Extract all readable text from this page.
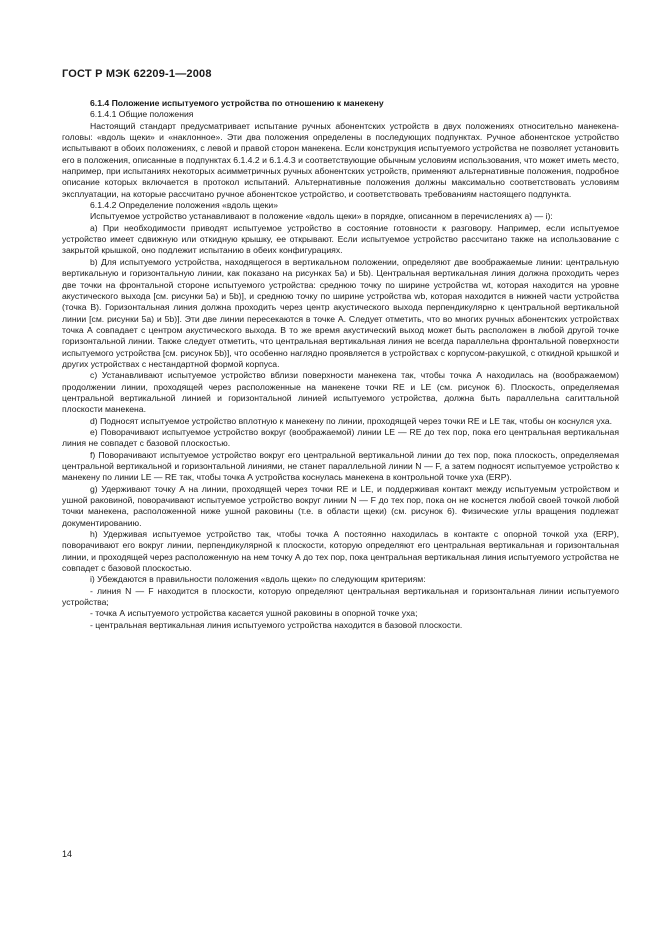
ГОСТ Р МЭК 62209-1—2008

6.1.4 Положение испытуемого устройства по отношению к манекену

6.1.4.1 Общие положения

Настоящий стандарт предусматривает испытание ручных абонентских устройств в двух положениях относительно манекена-головы: «вдоль щеки» и «наклонное». Эти два положения определены в последующих подпунктах. Ручное абонентское устройство испытывают в обоих положениях, с левой и правой сторон манекена. Если конструкция испытуемого устройства не позволяет установить его в положения, описанные в подпунктах 6.1.4.2 и 6.1.4.3 и соответствующие обычным условиям использования, что может иметь место, например, при испытаниях некоторых асимметричных ручных абонентских устройств, применяют альтернативные положения, подробное описание которых включается в протокол испытаний. Альтернативные положения должны максимально соответствовать условиям эксплуатации, на которые рассчитано ручное абонентское устройство, и соответствовать требованиям настоящего подпункта.

6.1.4.2 Определение положения «вдоль щеки»

Испытуемое устройство устанавливают в положение «вдоль щеки» в порядке, описанном в перечислениях а) — i):

а) При необходимости приводят испытуемое устройство в состояние готовности к разговору. Например, если испытуемое устройство имеет сдвижную или откидную крышку, ее открывают. Если испытуемое устройство рассчитано также на использование с закрытой крышкой, оно подлежит испытанию в обеих конфигурациях.

b) Для испытуемого устройства, находящегося в вертикальном положении, определяют две воображаемые линии: центральную вертикальную и горизонтальную линии, как показано на рисунках 5а) и 5b). Центральная вертикальная линия должна проходить через две точки на фронтальной стороне испытуемого устройства: среднюю точку по ширине устройства wt, которая находится на уровне акустического выхода [см. рисунки 5а) и 5b)], и среднюю точку по ширине устройства wb, которая находится в нижней части устройства (точка В). Горизонтальная линия должна проходить через центр акустического выхода перпендикулярно к центральной вертикальной линии [см. рисунки 5а) и 5b)]. Эти две линии пересекаются в точке А. Следует отметить, что во многих ручных абонентских устройствах точка А совпадает с центром акустического выхода. В то же время акустический выход может быть расположен в любой другой точке горизонтальной линии. Также следует отметить, что центральная вертикальная линия не всегда параллельна фронтальной поверхности испытуемого устройства [см. рисунок 5b)], что особенно наглядно проявляется в устройствах с корпусом-ракушкой, с откидной крышкой и других устройствах с нестандартной формой корпуса.

с) Устанавливают испытуемое устройство вблизи поверхности манекена так, чтобы точка А находилась на (воображаемом) продолжении линии, проходящей через расположенные на манекене точки RE и LE (см. рисунок 6). Плоскость, определяемая центральной вертикальной линией и горизонтальной линией испытуемого устройства, должна быть параллельна сагиттальной плоскости манекена.

d) Подносят испытуемое устройство вплотную к манекену по линии, проходящей через точки RE и LE так, чтобы он коснулся уха.

е) Поворачивают испытуемое устройство вокруг (воображаемой) линии LE — RE до тех пор, пока его центральная вертикальная линия не совпадет с базовой плоскостью.

f) Поворачивают испытуемое устройство вокруг его центральной вертикальной линии до тех пор, пока плоскость, определяемая центральной вертикальной и горизонтальной линиями, не станет параллельной линии N — F, а затем подносят испытуемое устройство к манекену по линии LE — RE так, чтобы точка А устройства коснулась манекена в контрольной точке уха (ERP).

g) Удерживают точку А на линии, проходящей через точки RE и LE, и поддерживая контакт между испытуемым устройством и ушной раковиной, поворачивают испытуемое устройство вокруг линии N — F до тех пор, пока он не коснется любой своей точкой любой точки манекена, расположенной ниже ушной раковины (т.е. в области щеки) (см. рисунок 6). Физические углы вращения подлежат документированию.

h) Удерживая испытуемое устройство так, чтобы точка А постоянно находилась в контакте с опорной точкой уха (ERP), поворачивают его вокруг линии, перпендикулярной к плоскости, которую определяют его центральная вертикальная и горизонтальная линии, и проходящей через расположенную на нем точку А до тех пор, пока центральная вертикальная линия испытуемого устройства не совпадет с базовой плоскостью.

i) Убеждаются в правильности положения «вдоль щеки» по следующим критериям:

- линия N — F находится в плоскости, которую определяют центральная вертикальная и горизонтальная линии испытуемого устройства;

- точка А испытуемого устройства касается ушной раковины в опорной точке уха;

- центральная вертикальная линия испытуемого устройства находится в базовой плоскости.

14
